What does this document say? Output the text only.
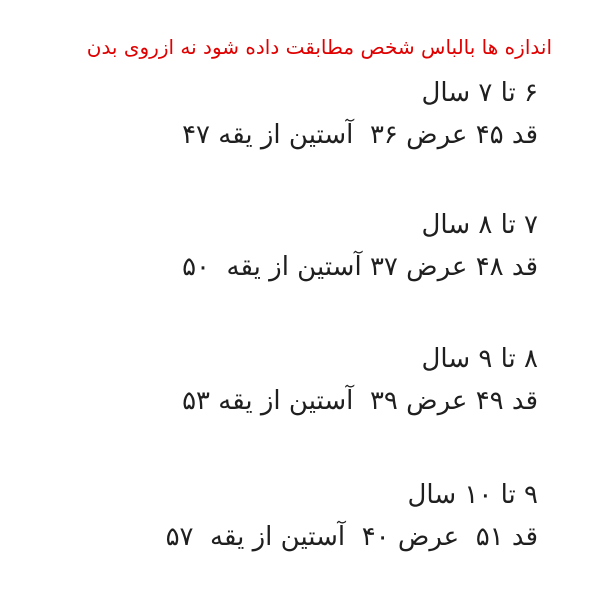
اندازه ها بالباس شخص مطابقت داده شود نه ازروی بدن
۶ تا ۷ سال
قد ۴۵ عرض ۳۶  آستین از یقه ۴۷
۷ تا ۸ سال
قد ۴۸ عرض ۳۷ آستین از یقه  ۵۰
۸ تا ۹ سال
قد ۴۹ عرض ۳۹  آستین از یقه ۵۳
۹ تا ۱۰ سال
قد ۵۱  عرض ۴۰  آستین از یقه  ۵۷
